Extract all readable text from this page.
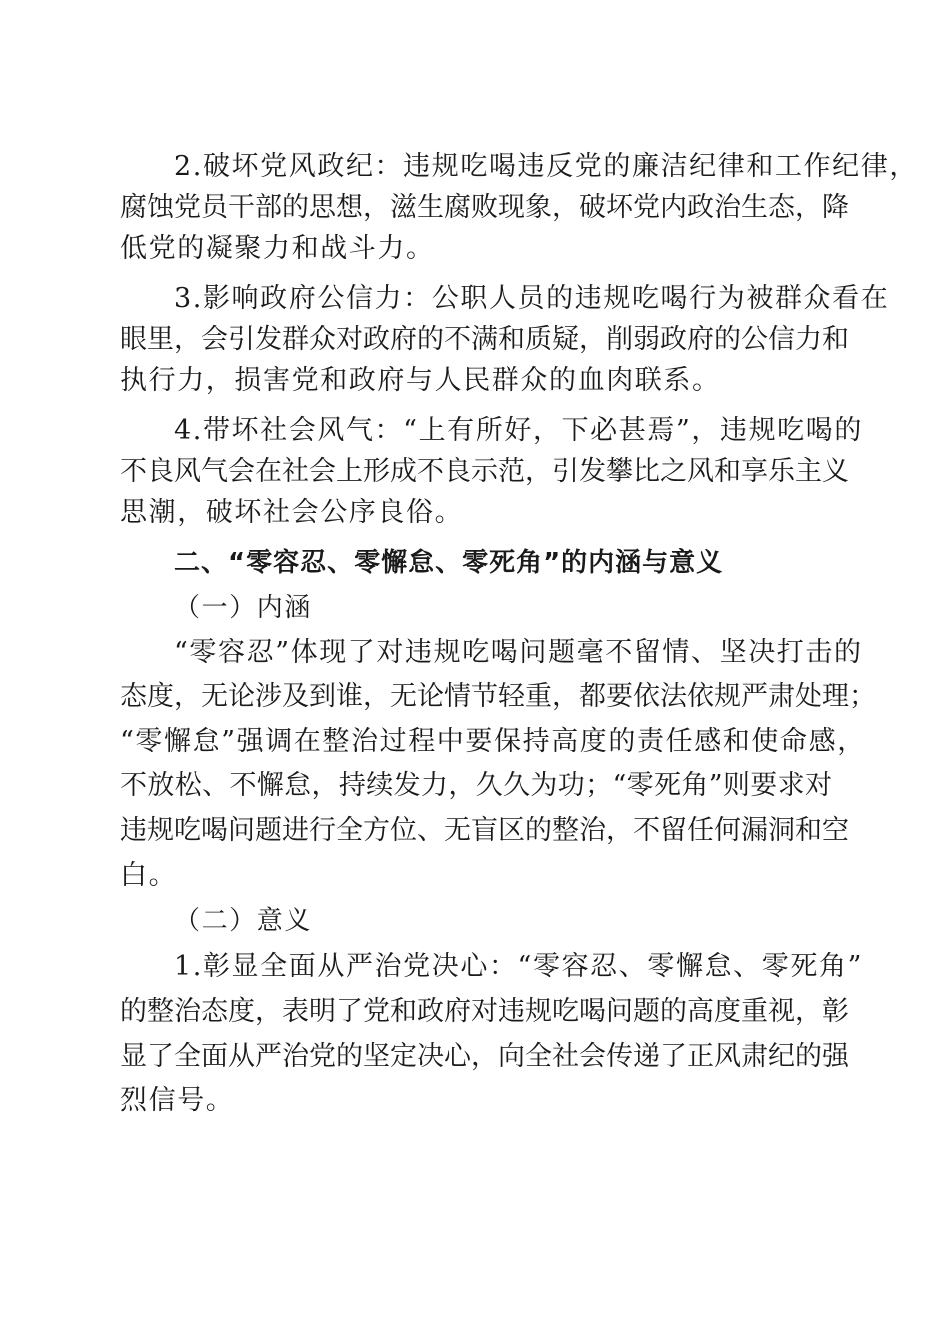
2.破坏党风政纪：违规吃喝违反党的廉洁纪律和工作纪律，
腐 蚀 党 员 干 部 的 思 想 ， 滋 生 腐 败 现 象 ， 破 坏 党 内 政 治 生 态 ， 降
低党的凝聚力和战斗力。
3.影响政府公信力：公职人员的违规吃喝行为被群众看在
眼 里 ， 会 引 发 群 众 对 政 府 的 不 满 和 质 疑 ， 削 弱 政 府 的 公 信 力 和
执行力，损害党和政府与人民群众的血肉联系。
4.带坏社会风气：“上有所好，下必甚焉”，违规吃喝的
不 良 风 气 会 在 社 会 上 形 成 不 良 示 范 ， 引 发 攀 比 之 风 和 享 乐 主 义
思潮，破坏社会公序良俗。
二、“零容忍、零懈怠、零死角”的内涵与意义
（一）内涵
“零容忍”体现了对违规吃喝问题毫不留情、坚决打击的
态 度 ， 无 论 涉 及 到 谁 ， 无 论 情 节 轻 重 ， 都 要 依 法 依 规 严 肃 处 理 ；
“零懈怠”强调在整治过程中要保持高度的责任感和使命感，
不 放 松 、 不 懈 怠 ， 持 续 发 力 ， 久 久 为 功 ； “ 零 死 角 ” 则 要 求 对
违 规 吃 喝 问 题 进 行 全 方 位 、 无 盲 区 的 整 治 ， 不 留 任 何 漏 洞 和 空
白。
（二）意义
1.彰显全面从严治党决心：“零容忍、零懈怠、零死角”
的 整 治 态 度 ， 表 明 了 党 和 政 府 对 违 规 吃 喝 问 题 的 高 度 重 视 ， 彰
显 了 全 面 从 严 治 党 的 坚 定 决 心 ， 向 全 社 会 传 递 了 正 风 肃 纪 的 强
烈信号。
